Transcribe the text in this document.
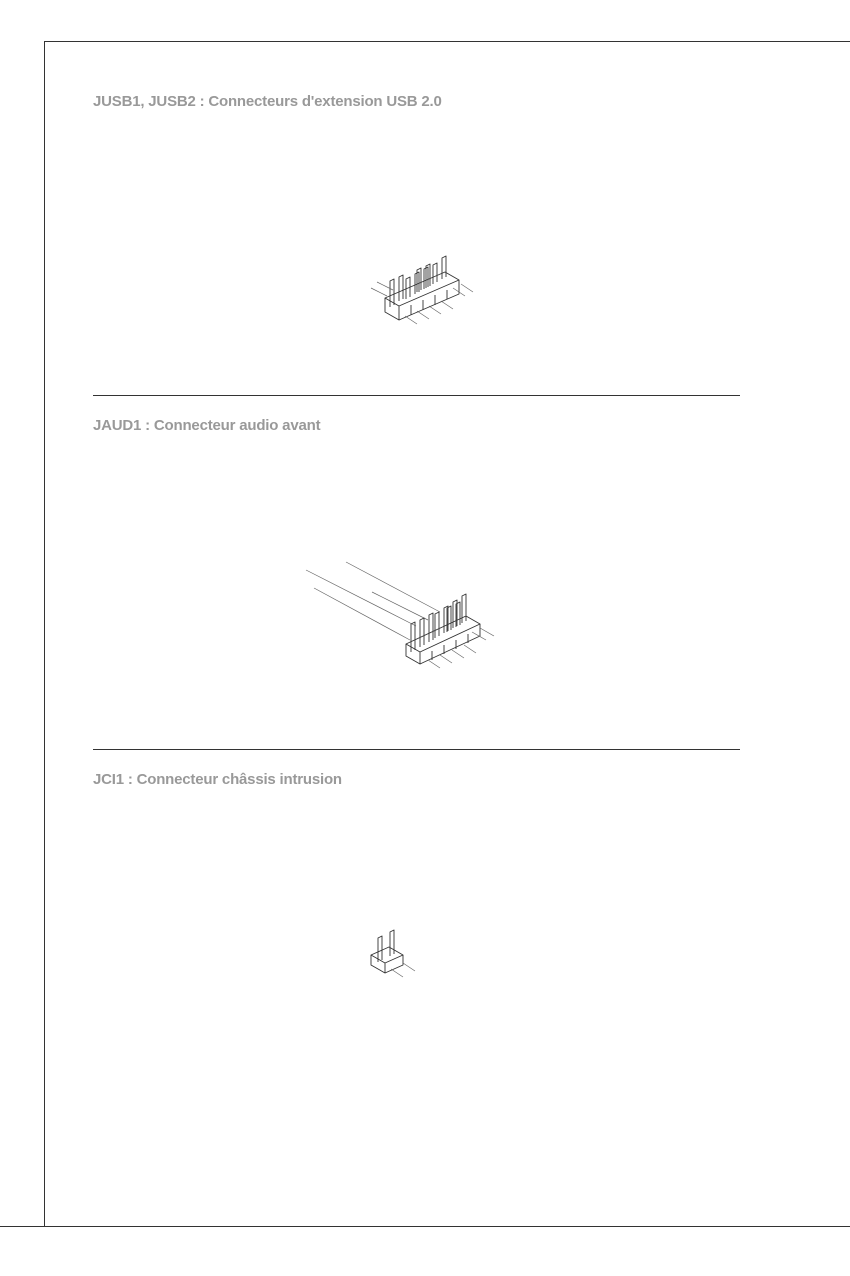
JUSB1, JUSB2 : Connecteurs d'extension USB 2.0
JAUD1 : Connecteur audio avant
JCI1 : Connecteur châssis intrusion
